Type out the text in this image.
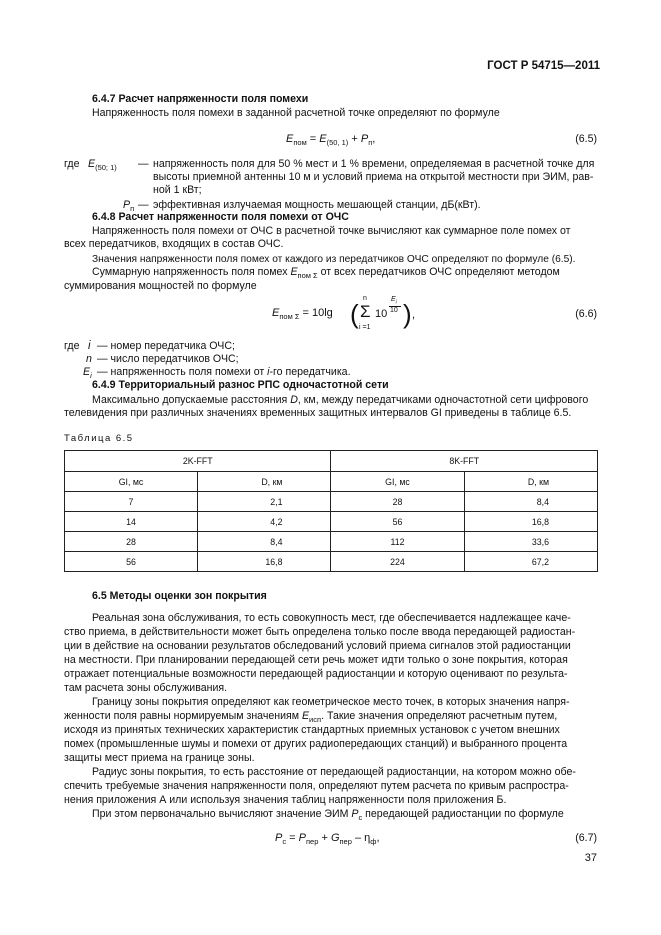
ГОСТ Р 54715—2011
6.4.7 Расчет напряженности поля помехи
Напряженность поля помехи в заданной расчетной точке определяют по формуле
$E_{пом} = E_{(50, 1)} + P_п$,	(6.5)
где $E_{(50; 1)}$ — напряженность поля для 50 % мест и 1 % времени, определяемая в расчетной точке для
высоты приемной антенны 10 м и условий приема на открытой местности при ЭИМ, рав-
ной 1 кВт;
$P_п$ — эффективная излучаемая мощность мешающей станции, дБ(кВт).
6.4.8 Расчет напряженности поля помехи от ОЧС
Напряженность поля помехи от ОЧС в расчетной точке вычисляют как суммарное поле помех от
всех передатчиков, входящих в состав ОЧС.
Значения напряженности поля помех от каждого из передатчиков ОЧС определяют по формуле (6.5).
Суммарную напряженность поля помех $E_{пом \Sigma}$ от всех передатчиков ОЧС определяют методом
суммирования мощностей по формуле
$E_{пом \Sigma} = 10\lg$ (
n
Σ
i =1
10
$E_i$
10 ) ,	(6.6)
где i — номер передатчика ОЧС;
n — число передатчиков ОЧС;
$E_i$ — напряженность поля помехи от i-го передатчика.
6.4.9 Территориальный разнос РПС одночастотной сети
Максимально допускаемые расстояния D, км, между передатчиками одночастотной сети цифрового
телевидения при различных значениях временных защитных интервалов GI приведены в таблице 6.5.
Таблица 6.5
2K-FFT		8K-FFT	
GI, мс	D, км	GI, мс	D, км
7	2,1	28	8,4
14	4,2	56	16,8
28	8,4	112	33,6
56	16,8	224	67,2
6.5 Методы оценки зон покрытия
Реальная зона обслуживания, то есть совокупность мест, где обеспечивается надлежащее каче-
ство приема, в действительности может быть определена только после ввода передающей радиостан-
ции в действие на основании результатов обследований условий приема сигналов этой радиостанции
на местности. При планировании передающей сети речь может идти только о зоне покрытия, которая
отражает потенциальные возможности передающей радиостанции и которую оценивают по результа-
там расчета зоны обслуживания.
Границу зоны покрытия определяют как геометрическое место точек, в которых значения напря-
женности поля равны нормируемым значениям $E_{исп}$. Такие значения определяют расчетным путем,
исходя из принятых технических характеристик стандартных приемных установок с учетом внешних
помех (промышленные шумы и помехи от других радиопередающих станций) и выбранного процента
защиты мест приема на границе зоны.
Радиус зоны покрытия, то есть расстояние от передающей радиостанции, на котором можно обе-
спечить требуемые значения напряженности поля, определяют путем расчета по кривым распростра-
нения приложения А или используя значения таблиц напряженности поля приложения Б.
При этом первоначально вычисляют значение ЭИМ $P_с$ передающей радиостанции по формуле
$P_с = P_{пер} + G_{пер} - \eta_ф$,	(6.7)
37
